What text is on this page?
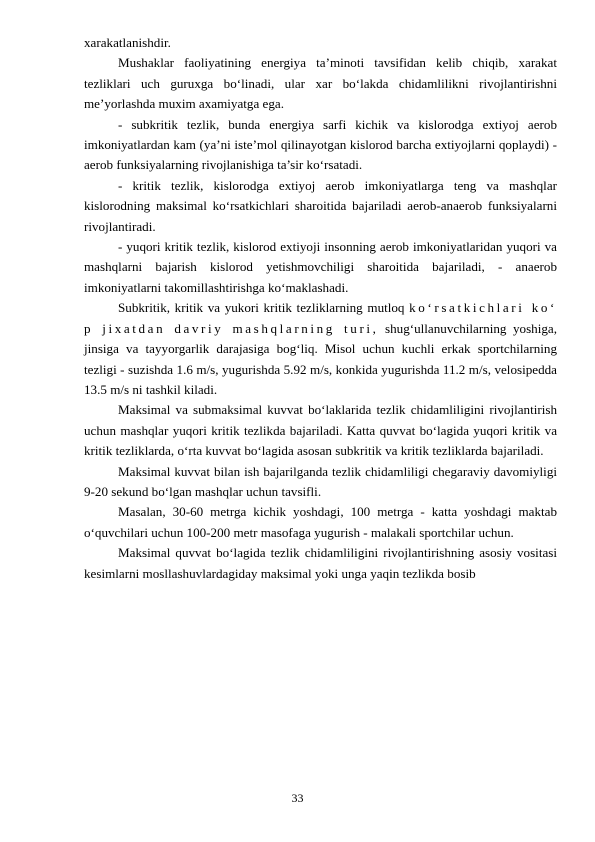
xarakatlanishdir.

Mushaklar faoliyatining energiya ta’minoti tavsifidan kelib chiqib, xarakat tezliklari uch guruxga bo‘linadi, ular xar bo‘lakda chidamlilikni rivojlantirishni me’yorlashda muxim axamiyatga ega.

- subkritik tezlik, bunda energiya sarfi kichik va kislorodga extiyoj aerob imkoniyatlardan kam (ya’ni iste’mol qilinayotgan kislorod barcha extiyojlarni qoplaydi) - aerob funksiyalarning rivojlanishiga ta’sir ko‘rsatadi.

- kritik tezlik, kislorodga extiyoj aerob imkoniyatlarga teng va mashqlar kislorodning maksimal ko‘rsatkichlari sharoitida bajariladi aerob-anaerob funksiyalarni rivojlantiradi.

- yuqori kritik tezlik, kislorod extiyoji insonning aerob imkoniyatlaridan yuqori va mashqlarni bajarish kislorod yetishmovchiligi sharoitida bajariladi, - anaerob imkoniyatlarni takomillashtirishga ko‘maklashadi.

Subkritik, kritik va yukori kritik tezliklarning mutloq ko‘rsatkichlari ko‘ p jixatdan davriy mashqlarning turi, shug‘ullanuvchilarning yoshiga, jinsiga va tayyorgarlik darajasiga bog‘liq. Misol uchun kuchli erkak sportchilarning tezligi - suzishda 1.6 m/s, yugurishda 5.92 m/s, konkida yugurishda 11.2 m/s, velosipedda 13.5 m/s ni tashkil kiladi.

Maksimal va submaksimal kuvvat bo‘laklarida tezlik chidamliligini rivojlantirish uchun mashqlar yuqori kritik tezlikda bajariladi. Katta quvvat bo‘lagida yuqori kritik va kritik tezliklarda, o‘rta kuvvat bo‘lagida asosan subkritik va kritik tezliklarda bajariladi.

Maksimal kuvvat bilan ish bajarilganda tezlik chidamliligi chegaraviy davomiyligi 9-20 sekund bo‘lgan mashqlar uchun tavsifli.

Masalan, 30-60 metrga kichik yoshdagi, 100 metrga - katta yoshdagi maktab o‘quvchilari uchun 100-200 metr masofaga yugurish - malakali sportchilar uchun.

Maksimal quvvat bo‘lagida tezlik chidamliligini rivojlantirishning asosiy vositasi kesimlarni mosllashuvlardagiday maksimal yoki unga yaqin tezlikda bosib

33
